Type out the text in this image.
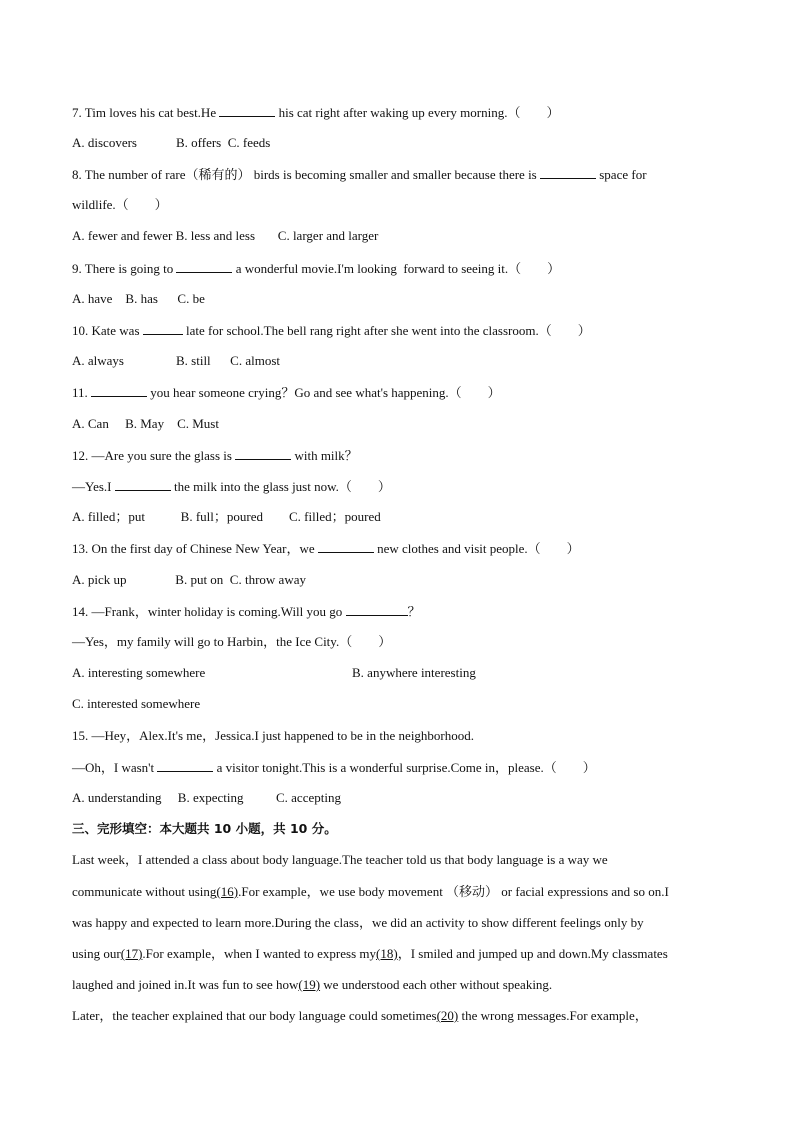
7. Tim loves his cat best.He	his cat right after waking up every morning.（　　）
A. discovers            B. offers  C. feeds
8. The number of rare（稀有的） birds is becoming smaller and smaller because there is	space for
wildlife.（　　）
A. fewer and fewer B. less and less       C. larger and larger
9. There is going to	a wonderful movie.I'm looking  forward to seeing it.（　　）
A. have    B. has      C. be
10. Kate was	late for school.The bell rang right after she went into the classroom.（　　）
A. always                B. still      C. almost
11.	you hear someone crying？Go and see what's happening.（　　）
A. Can     B. May    C. Must
12. —Are you sure the glass is	with milk？
—Yes.I	the milk into the glass just now.（　　）
A. filled；put           B. full；poured        C. filled；poured
13. On the first day of Chinese New Year，we	new clothes and visit people.（　　）
A. pick up               B. put on  C. throw away
14. —Frank，winter holiday is coming.Will you go	？
—Yes，my family will go to Harbin，the Ice City.（　　）
A. interesting somewhere	B. anywhere interesting
C. interested somewhere
15. —Hey，Alex.It's me，Jessica.I just happened to be in the neighborhood.
—Oh，I wasn't	a visitor tonight.This is a wonderful surprise.Come in，please.（　　）
A. understanding     B. expecting          C. accepting
三、完形填空：本大题共 10 小题，共 10 分。
Last week，I attended a class about body language.The teacher told us that body language is a way we
communicate without using(16).For example，we use body movement （移动） or facial expressions and so on.I
was happy and expected to learn more.During the class，we did an activity to show different feelings only by
using our(17).For example，when I wanted to express my(18)，I smiled and jumped up and down.My classmates
laughed and joined in.It was fun to see how(19) we understood each other without speaking.
Later，the teacher explained that our body language could sometimes(20) the wrong messages.For example，
